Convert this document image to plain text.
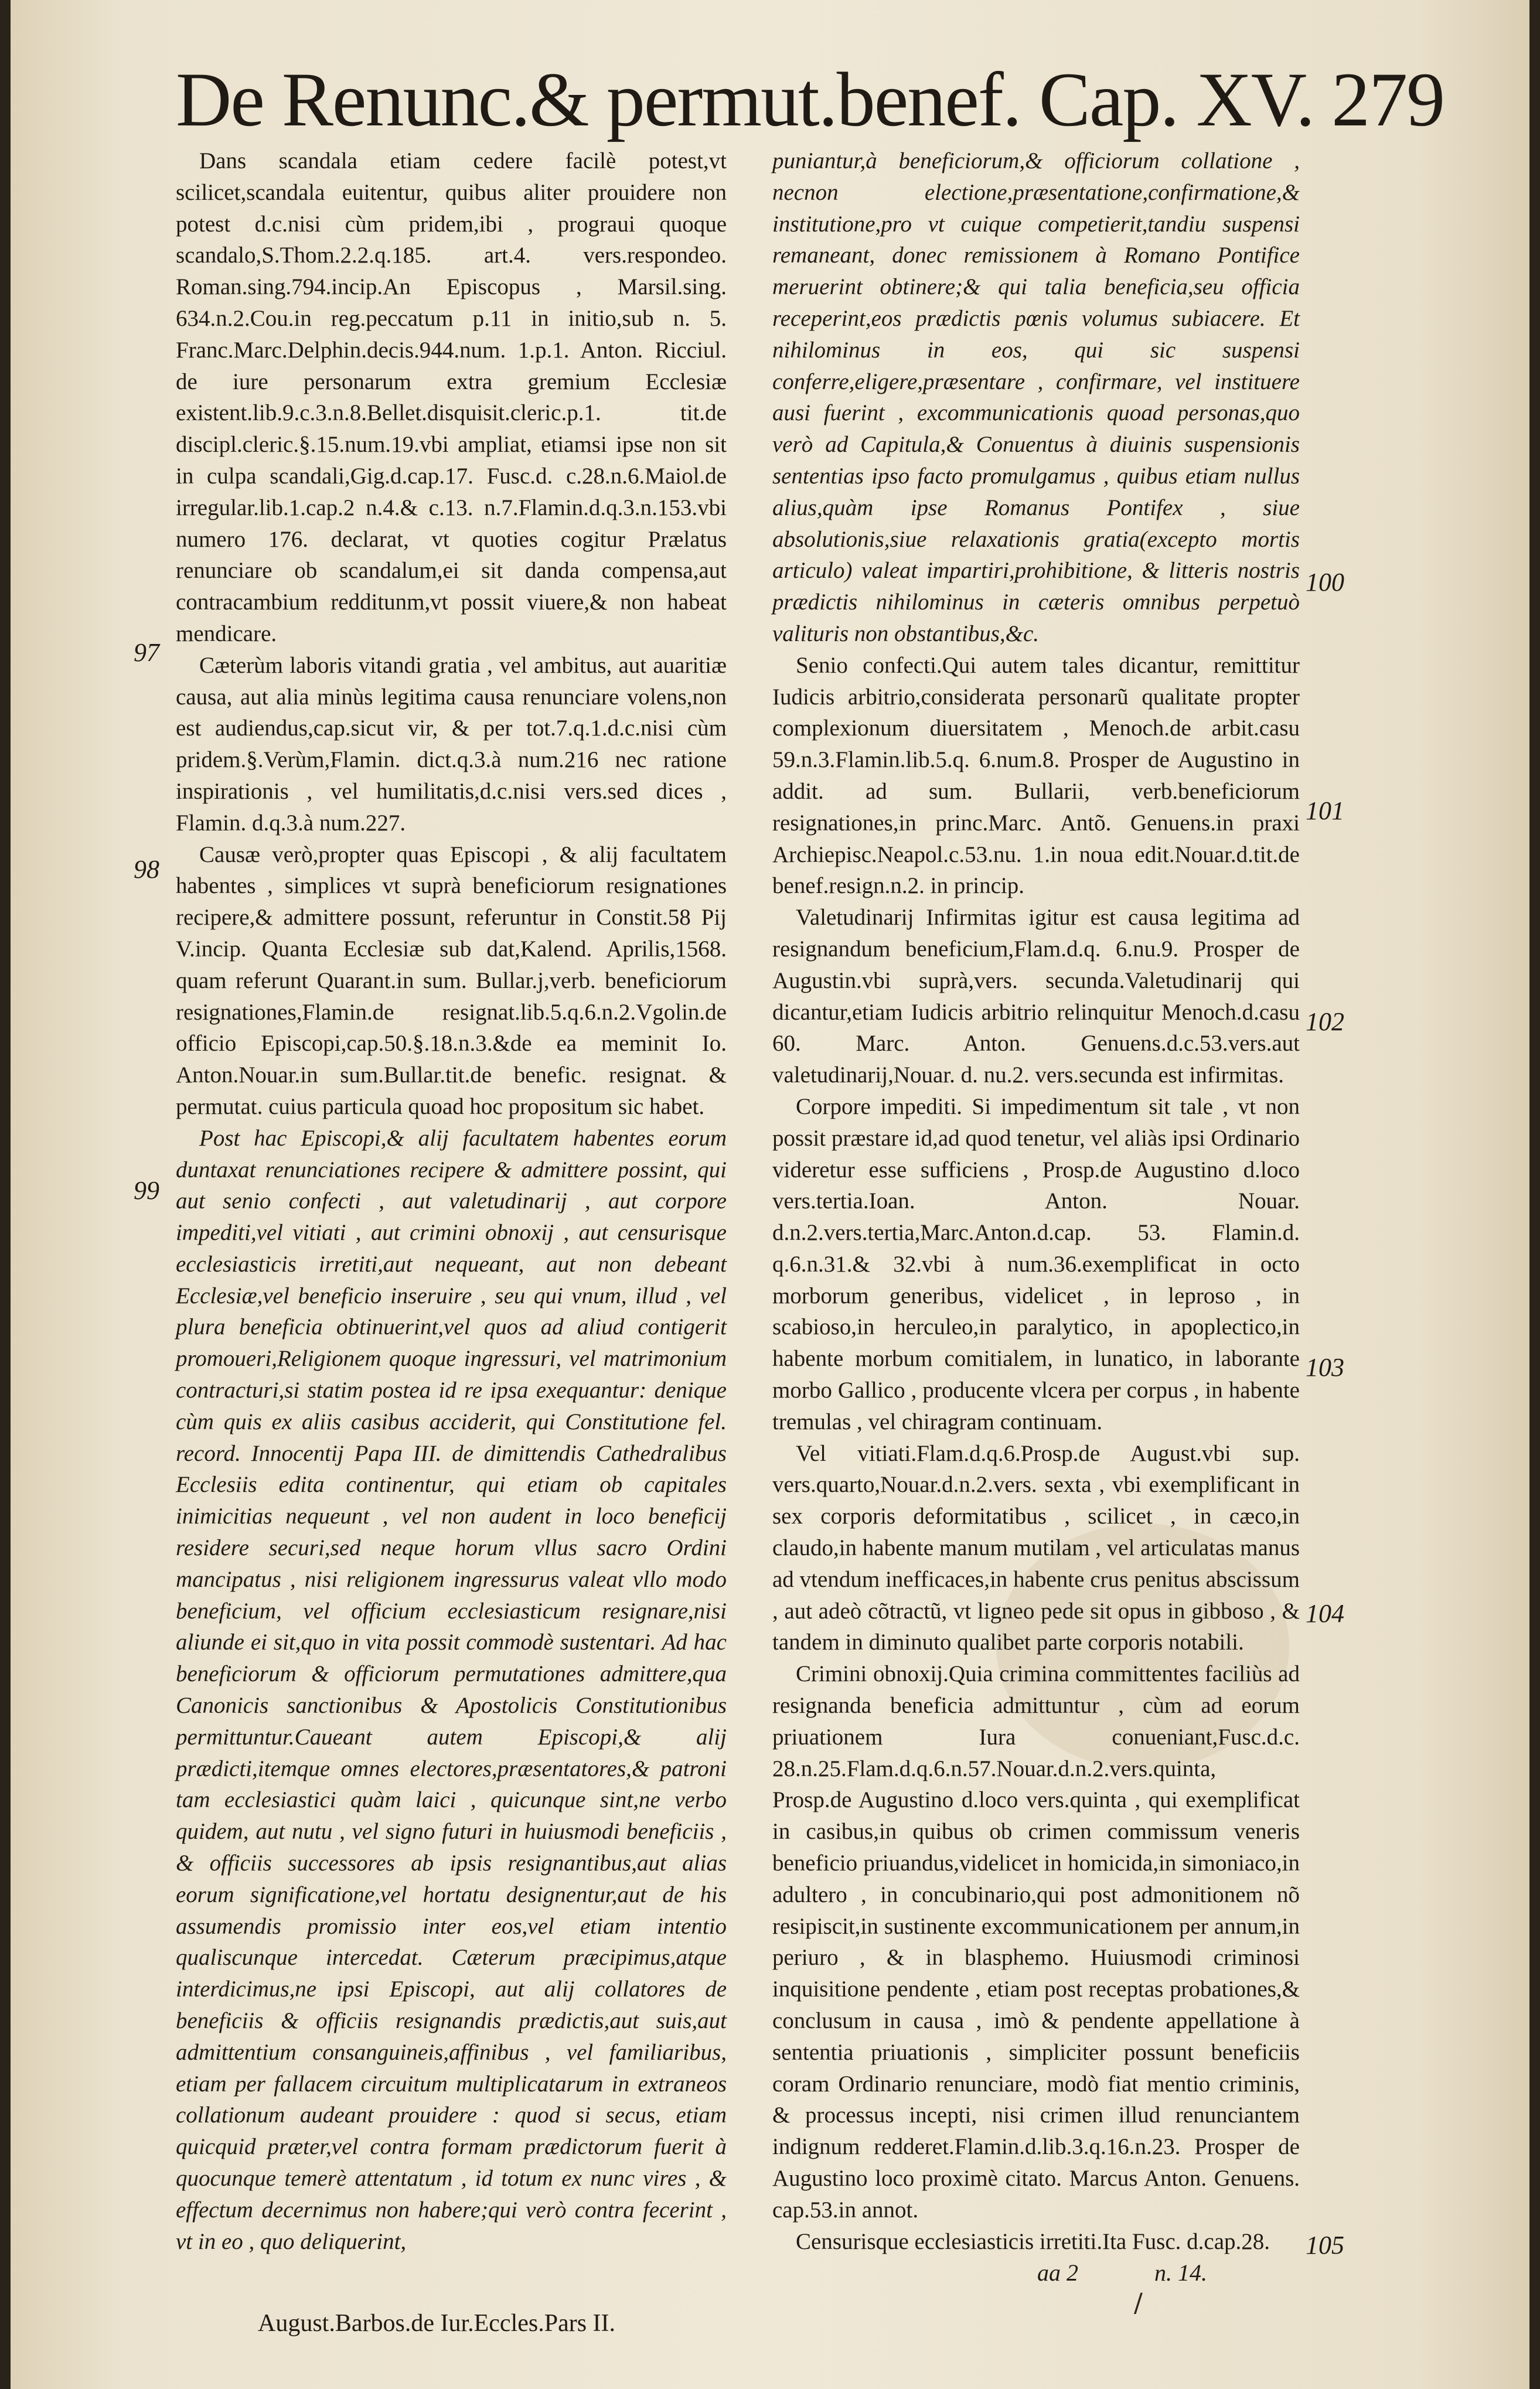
De Renunc.& permut.benef. Cap. XV. 279

Dans scandala etiam cedere facilè potest,vt scilicet,scandala euitentur, quibus aliter prouidere non potest d.c.nisi cùm pridem,ibi , prograui quoque scandalo,S.Thom.2.2.q.185. art.4. vers.respondeo. Roman.sing.794.incip.An Episcopus , Marsil.sing. 634.n.2.Cou.in reg.peccatum p.11 in initio,sub n. 5. Franc.Marc.Delphin.decis.944.num. 1.p.1. Anton. Ricciul. de iure personarum extra gremium Ecclesiæ existent.lib.9.c.3.n.8.Bellet.disquisit.cleric.p.1. tit.de discipl.cleric.§.15.num.19.vbi ampliat, etiamsi ipse non sit in culpa scandali,Gig.d.cap.17. Fusc.d. c.28.n.6.Maiol.de irregular.lib.1.cap.2 n.4.& c.13. n.7.Flamin.d.q.3.n.153.vbi numero 176. declarat, vt quoties cogitur Prælatus renunciare ob scandalum,ei sit danda compensa,aut contracambium redditunm,vt possit viuere,& non habeat mendicare.

Cæterùm laboris vitandi gratia , vel ambitus, aut auaritiæ causa, aut alia minùs legitima causa renunciare volens,non est audiendus,cap.sicut vir, & per tot.7.q.1.d.c.nisi cùm pridem.§.Verùm,Flamin. dict.q.3.à num.216 nec ratione inspirationis , vel humilitatis,d.c.nisi vers.sed dices , Flamin. d.q.3.à num.227.

Causæ verò,propter quas Episcopi , & alij facultatem habentes , simplices vt suprà beneficiorum resignationes recipere,& admittere possunt, referuntur in Constit.58 Pij V.incip. Quanta Ecclesiæ sub dat,Kalend. Aprilis,1568. quam referunt Quarant.in sum. Bullar.j,verb. beneficiorum resignationes,Flamin.de resignat.lib.5.q.6.n.2.Vgolin.de officio Episcopi,cap.50.§.18.n.3.&de ea meminit Io. Anton.Nouar.in sum.Bullar.tit.de benefic. resignat. & permutat. cuius particula quoad hoc propositum sic habet.

Post hac Episcopi,& alij facultatem habentes eorum duntaxat renunciationes recipere & admittere possint, qui aut senio confecti , aut valetudinarij , aut corpore impediti,vel vitiati , aut crimini obnoxij , aut censurisque ecclesiasticis irretiti,aut nequeant, aut non debeant Ecclesiæ,vel beneficio inseruire , seu qui vnum, illud , vel plura beneficia obtinuerint,vel quos ad aliud contigerit promoueri,Religionem quoque ingressuri, vel matrimonium contracturi,si statim postea id re ipsa exequantur: denique cùm quis ex aliis casibus acciderit, qui Constitutione fel. record. Innocentij Papa III. de dimittendis Cathedralibus Ecclesiis edita continentur, qui etiam ob capitales inimicitias nequeunt , vel non audent in loco beneficij residere securi,sed neque horum vllus sacro Ordini mancipatus , nisi religionem ingressurus valeat vllo modo beneficium, vel officium ecclesiasticum resignare,nisi aliunde ei sit,quo in vita possit commodè sustentari. Ad hac beneficiorum & officiorum permutationes admittere,qua Canonicis sanctionibus & Apostolicis Constitutionibus permittuntur.Caueant autem Episcopi,& alij prædicti,itemque omnes electores,præsentatores,& patroni tam ecclesiastici quàm laici , quicunque sint,ne verbo quidem, aut nutu , vel signo futuri in huiusmodi beneficiis , & officiis successores ab ipsis resignantibus,aut alias eorum significatione,vel hortatu designentur,aut de his assumendis promissio inter eos,vel etiam intentio qualiscunque intercedat. Cæterum præcipimus,atque interdicimus,ne ipsi Episcopi, aut alij collatores de beneficiis & officiis resignandis prædictis,aut suis,aut admittentium consanguineis,affinibus , vel familiaribus, etiam per fallacem circuitum multiplicatarum in extraneos collationum audeant prouidere : quod si secus, etiam quicquid præter,vel contra formam prædictorum fuerit à quocunque temerè attentatum , id totum ex nunc vires , & effectum decernimus non habere;qui verò contra fecerint , vt in eo , quo deliquerint,

puniantur,à beneficiorum,& officiorum collatione , necnon electione,præsentatione,confirmatione,& institutione,pro vt cuique competierit,tandiu suspensi remaneant, donec remissionem à Romano Pontifice meruerint obtinere;& qui talia beneficia,seu officia receperint,eos prædictis pœnis volumus subiacere. Et nihilominus in eos, qui sic suspensi conferre,eligere,præsentare , confirmare, vel instituere ausi fuerint , excommunicationis quoad personas,quo verò ad Capitula,& Conuentus à diuinis suspensionis sententias ipso facto promulgamus , quibus etiam nullus alius,quàm ipse Romanus Pontifex , siue absolutionis,siue relaxationis gratia(excepto mortis articulo) valeat impartiri,prohibitione, & litteris nostris prædictis nihilominus in cæteris omnibus perpetuò valituris non obstantibus,&c.

Senio confecti.Qui autem tales dicantur, remittitur Iudicis arbitrio,considerata personarũ qualitate propter complexionum diuersitatem , Menoch.de arbit.casu 59.n.3.Flamin.lib.5.q. 6.num.8. Prosper de Augustino in addit. ad sum. Bullarii, verb.beneficiorum resignationes,in princ.Marc. Antõ. Genuens.in praxi Archiepisc.Neapol.c.53.nu. 1.in noua edit.Nouar.d.tit.de benef.resign.n.2. in princip.

Valetudinarij Infirmitas igitur est causa legitima ad resignandum beneficium,Flam.d.q. 6.nu.9. Prosper de Augustin.vbi suprà,vers. secunda.Valetudinarij qui dicantur,etiam Iudicis arbitrio relinquitur Menoch.d.casu 60. Marc. Anton. Genuens.d.c.53.vers.aut valetudinarij,Nouar. d. nu.2. vers.secunda est infirmitas.

Corpore impediti. Si impedimentum sit tale , vt non possit præstare id,ad quod tenetur, vel aliàs ipsi Ordinario videretur esse sufficiens , Prosp.de Augustino d.loco vers.tertia.Ioan. Anton. Nouar. d.n.2.vers.tertia,Marc.Anton.d.cap. 53. Flamin.d. q.6.n.31.& 32.vbi à num.36.exemplificat in octo morborum generibus, videlicet , in leproso , in scabioso,in herculeo,in paralytico, in apoplectico,in habente morbum comitialem, in lunatico, in laborante morbo Gallico , producente vlcera per corpus , in habente tremulas , vel chiragram continuam.

Vel vitiati.Flam.d.q.6.Prosp.de August.vbi sup. vers.quarto,Nouar.d.n.2.vers. sexta , vbi exemplificant in sex corporis deformitatibus , scilicet , in cæco,in claudo,in habente manum mutilam , vel articulatas manus ad vtendum inefficaces,in habente crus penitus abscissum , aut adeò cõtractũ, vt ligneo pede sit opus in gibboso , & tandem in diminuto qualibet parte corporis notabili.

Crimini obnoxij.Quia crimina committentes faciliùs ad resignanda beneficia admittuntur , cùm ad eorum priuationem Iura conueniant,Fusc.d.c. 28.n.25.Flam.d.q.6.n.57.Nouar.d.n.2.vers.quinta, Prosp.de Augustino d.loco vers.quinta , qui exemplificat in casibus,in quibus ob crimen commissum veneris beneficio priuandus,videlicet in homicida,in simoniaco,in adultero , in concubinario,qui post admonitionem nõ resipiscit,in sustinente excommunicationem per annum,in periuro , & in blasphemo. Huiusmodi criminosi inquisitione pendente , etiam post receptas probationes,& conclusum in causa , imò & pendente appellatione à sententia priuationis , simpliciter possunt beneficiis coram Ordinario renunciare, modò fiat mentio criminis, & processus incepti, nisi crimen illud renunciantem indignum redderet.Flamin.d.lib.3.q.16.n.23. Prosper de Augustino loco proximè citato. Marcus Anton. Genuens. cap.53.in annot.

Censurisque ecclesiasticis irretiti.Ita Fusc. d.cap.28.

97
98
99
100
101
102
103
104
105
August.Barbos.de Iur.Eccles.Pars II.
aa 2	n. 14.
/
